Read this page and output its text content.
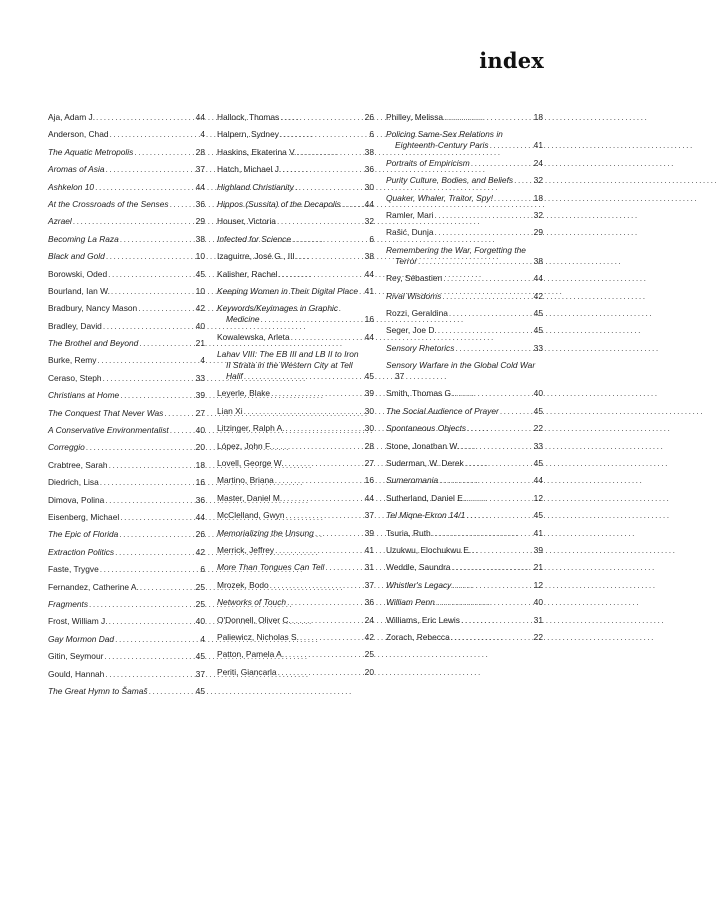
index
Aja, Adam J. . . .	44
Anderson, Chad . . .	4
The Aquatic Metropolis . . .	28
Aromas of Asia . . .	37
Ashkelon 10 . . .	44
At the Crossroads of the Senses . . .	36
Azrael . . .	29
Becoming La Raza . . .	38
Black and Gold . . .	10
Borowski, Oded . . .	45
Bourland, Ian W. . . .	10
Bradbury, Nancy Mason . . .	42
Bradley, David . . .	40
The Brothel and Beyond . . .	21
Burke, Remy . . .	4
Ceraso, Steph . . .	33
Christians at Home . . .	39
The Conquest That Never Was . . .	27
A Conservative Environmentalist . . .	40
Correggio . . .	20
Crabtree, Sarah . . .	18
Diedrich, Lisa . . .	16
Dimova, Polina . . .	36
Eisenberg, Michael . . .	44
The Epic of Florida . . .	26
Extraction Politics . . .	42
Faste, Trygve . . .	6
Fernandez, Catherine A. . . .	25
Fragments . . .	25
Frost, William J. . . .	40
Gay Mormon Dad . . .	4
Gitin, Seymour . . .	45
Gould, Hannah . . .	37
The Great Hymn to Šamaš . . .	45
Hallock, Thomas . . .	26
Halpern, Sydney . . .	6
Haskins, Ekaterina V. . . .	38
Hatch, Michael J. . . .	36
Highland Christianity . . .	30
Hippos (Sussita) of the Decapolis . . .	44
Houser, Victoria . . .	32
Infected for Science . . .	6
Izaguirre, José G., III . . .	38
Kalisher, Rachel . . .	44
Keeping Women in Their Digital Place . . . 41
Keywords/Keyimages in Graphic
Medicine . . .	16
Kowalewska, Arleta . . .	44
Lahav VIII: The EB III and LB II to Iron
II Strata in the Western City at Tell
Ḥalif . . .	45
Leyerle, Blake . . .	39
Lian Xi . . .	30
Litzinger, Ralph A. . . .	30
López, John F. . . .	28
Lovell, George W. . . .	27
Martino, Briana . . .	16
Master, Daniel M. . . .	44
McClelland, Gwyn . . .	37
Memorializing the Unsung . . .	39
Merrick, Jeffrey . . .	41
More Than Tongues Can Tell . . .	31
Mrozek, Bodo . . .	37
Networks of Touch . . .	36
O'Donnell, Oliver C. . . .	24
Paliewicz, Nicholas S. . . .	42
Patton, Pamela A. . . .	25
Periti, Giancarla . . .	20
Philley, Melissa . . .	18
Policing Same-Sex Relations in
Eighteenth-Century Paris . . .	41
Portraits of Empiricism . . .	24
Purity Culture, Bodies, and Beliefs . . . 32
Quaker, Whaler, Traitor, Spy! . . .	18
Ramler, Mari . . .	32
Rašić, Dunja . . .	29
Remembering the War, Forgetting the
Terror . . .	38
Rey, Sébastien . . .	44
Rival Wisdoms . . .	42
Rozzi, Geraldina . . .	45
Seger, Joe D. . . .	45
Sensory Rhetorics . . .	33
Sensory Warfare in the Global Cold War
37
Smith, Thomas G. . . .	40
The Social Audience of Prayer . . .	45
Spontaneous Objects . . .	22
Stone, Jonathan W. . . .	33
Suderman, W. Derek . . .	45
Sumeromania . . .	44
Sutherland, Daniel E. . . .	12
Tel Miqne-Ekron 14/1 . . .	45
Tsuria, Ruth . . .	41
Uzukwu, Elochukwu E. . . .	39
Weddle, Saundra . . .	21
Whistler's Legacy . . .	12
William Penn . . .	40
Williams, Eric Lewis . . .	31
Zorach, Rebecca . . .	22
